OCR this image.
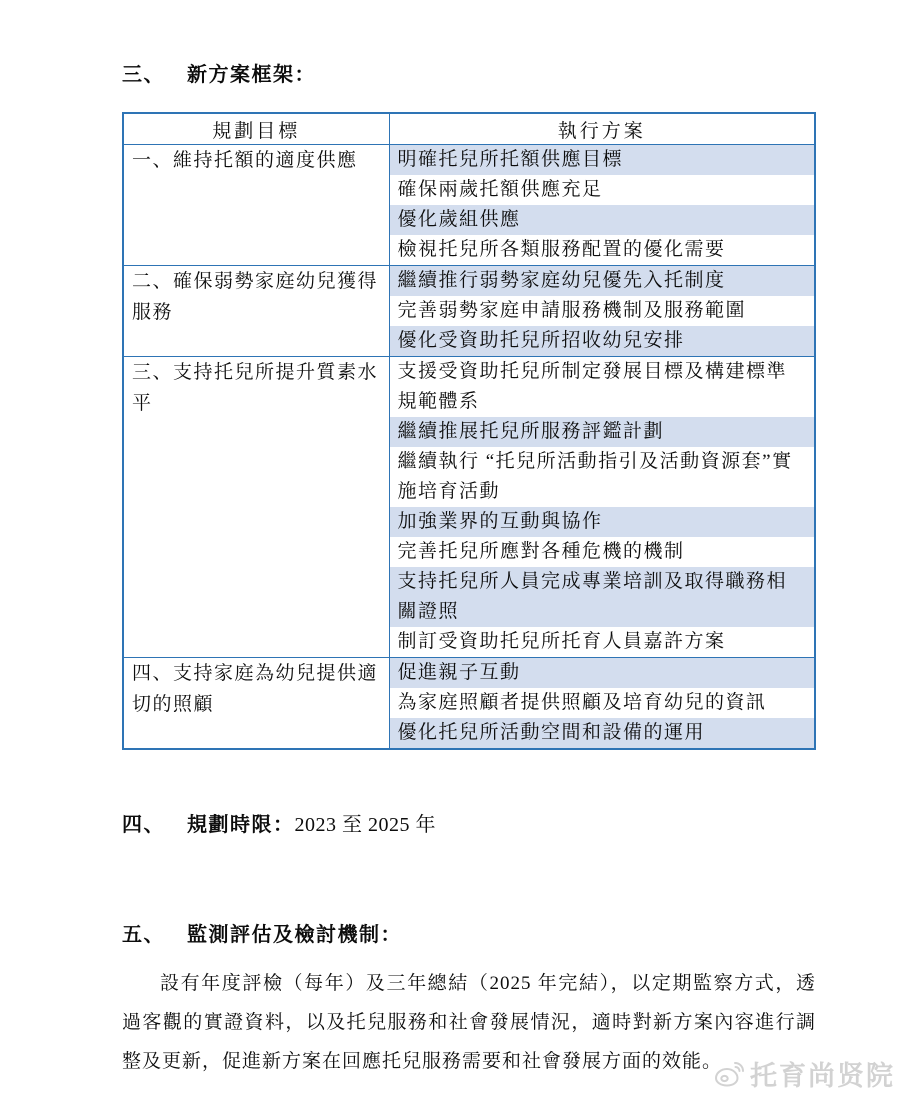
三、 新方案框架：
規劃目標	執行方案
一、維持托額的適度供應	明確托兒所托額供應目標
	確保兩歲托額供應充足
	優化歲組供應
	檢視托兒所各類服務配置的優化需要
二、確保弱勢家庭幼兒獲得服務	繼續推行弱勢家庭幼兒優先入托制度
	完善弱勢家庭申請服務機制及服務範圍
	優化受資助托兒所招收幼兒安排
三、支持托兒所提升質素水平	支援受資助托兒所制定發展目標及構建標準規範體系
	繼續推展托兒所服務評鑑計劃
	繼續執行 “托兒所活動指引及活動資源套”實施培育活動
	加強業界的互動與協作
	完善托兒所應對各種危機的機制
	支持托兒所人員完成專業培訓及取得職務相關證照
	制訂受資助托兒所托育人員嘉許方案
四、支持家庭為幼兒提供適切的照顧	促進親子互動
	為家庭照顧者提供照顧及培育幼兒的資訊
	優化托兒所活動空間和設備的運用
四、 規劃時限：2023 至 2025 年
五、 監測評估及檢討機制：

設有年度評檢（每年）及三年總結（2025 年完結），以定期監察方式，透過客觀的實證資料，以及托兒服務和社會發展情況，適時對新方案內容進行調整及更新，促進新方案在回應托兒服務需要和社會發展方面的效能。	托育尚贤院
